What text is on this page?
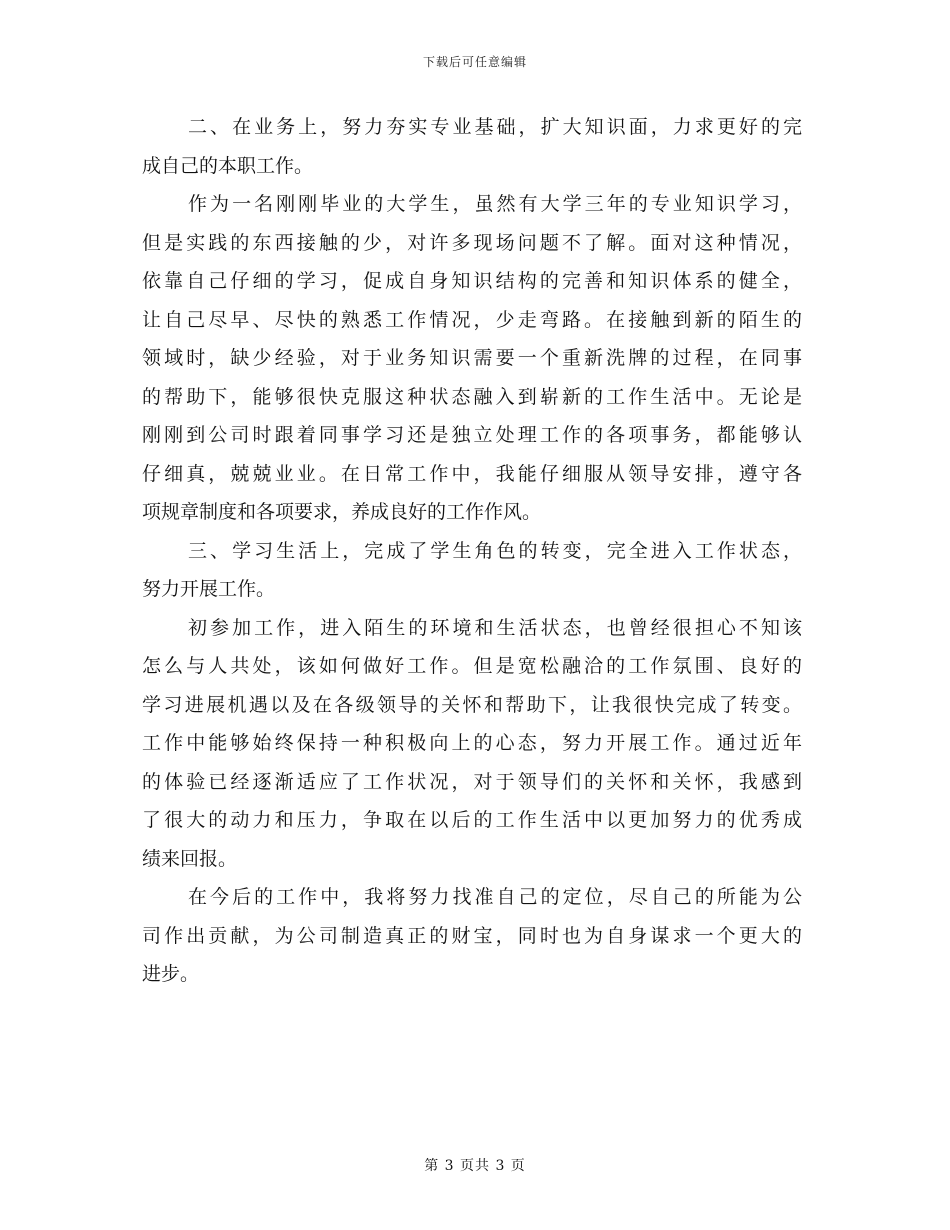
下载后可任意编辑
二、在业务上，努力夯实专业基础，扩大知识面，力求更好的完
成自己的本职工作。
作为一名刚刚毕业的大学生，虽然有大学三年的专业知识学习，
但是实践的东西接触的少，对许多现场问题不了解。面对这种情况，
依靠自己仔细的学习，促成自身知识结构的完善和知识体系的健全，
让自己尽早、尽快的熟悉工作情况，少走弯路。在接触到新的陌生的
领域时，缺少经验，对于业务知识需要一个重新洗牌的过程，在同事
的帮助下，能够很快克服这种状态融入到崭新的工作生活中。无论是
刚刚到公司时跟着同事学习还是独立处理工作的各项事务，都能够认
仔细真，兢兢业业。在日常工作中，我能仔细服从领导安排，遵守各
项规章制度和各项要求，养成良好的工作作风。
三、学习生活上，完成了学生角色的转变，完全进入工作状态，
努力开展工作。
初参加工作，进入陌生的环境和生活状态，也曾经很担心不知该
怎么与人共处，该如何做好工作。但是宽松融洽的工作氛围、良好的
学习进展机遇以及在各级领导的关怀和帮助下，让我很快完成了转变。
工作中能够始终保持一种积极向上的心态，努力开展工作。通过近年
的体验已经逐渐适应了工作状况，对于领导们的关怀和关怀，我感到
了很大的动力和压力，争取在以后的工作生活中以更加努力的优秀成
绩来回报。
在今后的工作中，我将努力找准自己的定位，尽自己的所能为公
司作出贡献，为公司制造真正的财宝，同时也为自身谋求一个更大的
进步。
第 3 页共 3 页
